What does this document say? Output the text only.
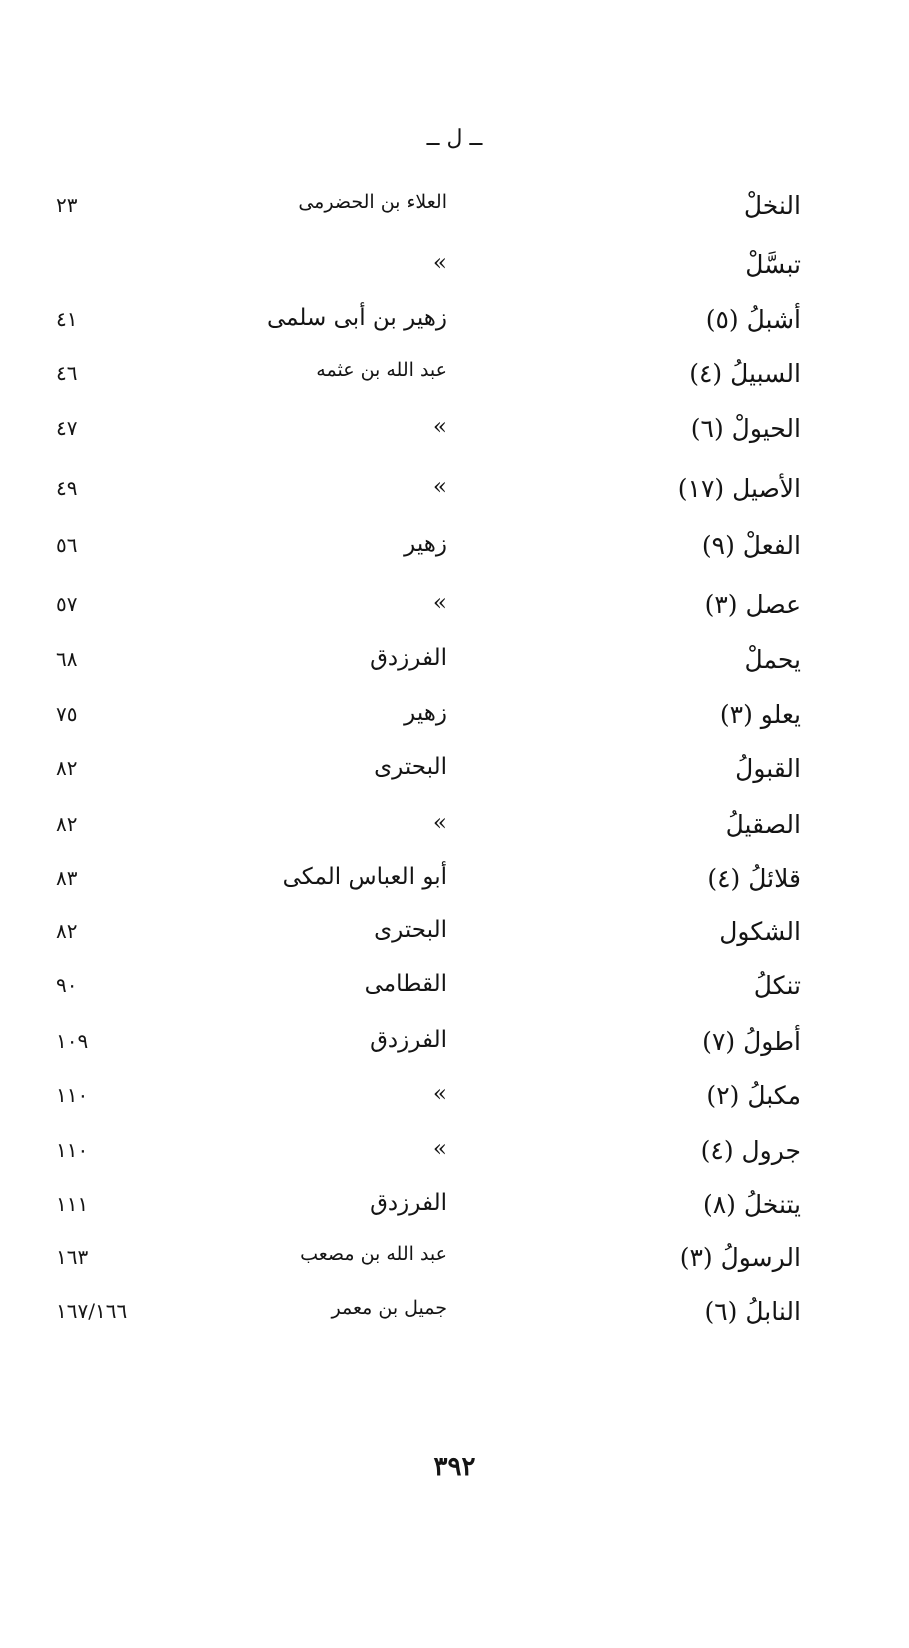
ــ ل ــ
النخلْ
العلاء بن الحضرمى
٢٣
تبسَّلْ
»
أشبلُ (٥)
زهير بن أبى سلمى
٤١
السبيلُ (٤)
عبد الله بن عثمه
٤٦
الحيولْ (٦)
»
٤٧
الأصيل (١٧)
»
٤٩
الفعلْ (٩)
زهير
٥٦
عصل (٣)
»
٥٧
يحملْ
الفرزدق
٦٨
يعلو (٣)
زهير
٧٥
القبولُ
البحترى
٨٢
الصقيلُ
»
٨٢
قلائلُ (٤)
أبو العباس المكى
٨٣
الشكول
البحترى
٨٢
تنكلُ
القطامى
٩٠
أطولُ (٧)
الفرزدق
١٠٩
مكبلُ (٢)
»
١١٠
جرول (٤)
»
١١٠
يتنخلُ (٨)
الفرزدق
١١١
الرسولُ (٣)
عبد الله بن مصعب
١٦٣
النابلُ (٦)
جميل بن معمر
١٦٧/١٦٦
٣٩٢
